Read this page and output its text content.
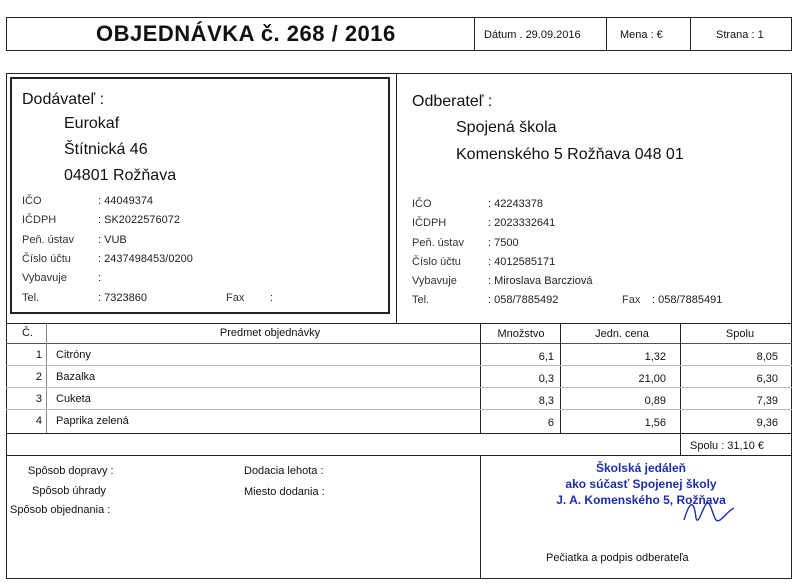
OBJEDNÁVKA č. 268 / 2016	Dátum . 29.09.2016	Mena : €	Strana : 1
Dodávateľ :
Eurokaf
Štítnická 46
04801 Rožňava
IČO	: 44049374
IČDPH	: SK2022576072
Peň. ústav : VUB
Číslo účtu : 2437498453/0200
Vybavuje	:
Tel.	: 7323860	Fax :
Odberateľ :
Spojená škola
Komenského 5 Rožňava 048 01
IČO	: 42243378
IČDPH	: 2023332641
Peň. ústav : 7500
Číslo účtu : 4012585171
Vybavuje	: Miroslava Barcziová
Tel.	: 058/7885492	Fax : 058/7885491
Č.	Predmet objednávky	Množstvo	Jedn. cena	Spolu
1 Citróny	6,1	1,32	8,05
2 Bazalka	0,3	21,00	6,30
3 Cuketa	8,3	0,89	7,39
4 Paprika zelená	6	1,56	9,36
Spolu : 31,10 €
Spôsob dopravy :
Spôsob úhrady
Spôsob objednania :
Dodacia lehota :
Miesto dodania :
Školská jedáleň
ako súčasť Spojenej školy
J. A. Komenského 5, Rožňava
Pečiatka a podpis odberateľa
